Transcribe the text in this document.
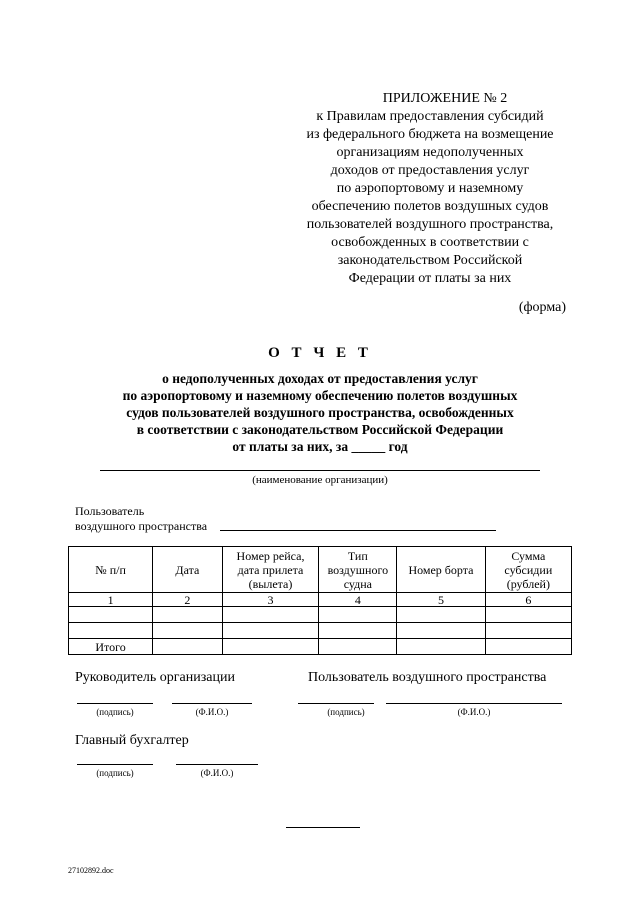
ПРИЛОЖЕНИЕ № 2
к Правилам предоставления субсидий
из федерального бюджета на возмещение
организациям недополученных
доходов от предоставления услуг
по аэропортовому и наземному
обеспечению полетов воздушных судов
пользователей воздушного пространства,
освобожденных в соответствии с
законодательством Российской
Федерации от платы за них
(форма)
О Т Ч Е Т
о недополученных доходах от предоставления услуг
по аэропортовому и наземному обеспечению полетов воздушных
судов пользователей воздушного пространства, освобожденных
в соответствии с законодательством Российской Федерации
от платы за них, за _____ год
(наименование организации)
Пользователь
воздушного пространства
№ п/п	Дата	Номер рейса, дата прилета (вылета)	Тип воздушного судна	Номер борта	Сумма субсидии (рублей)
1	2	3	4	5	6

Итого					
Руководитель организации
(подпись)	(Ф.И.О.)
Пользователь воздушного пространства
(подпись)	(Ф.И.О.)
Главный бухгалтер
(подпись)	(Ф.И.О.)
27102892.doc
